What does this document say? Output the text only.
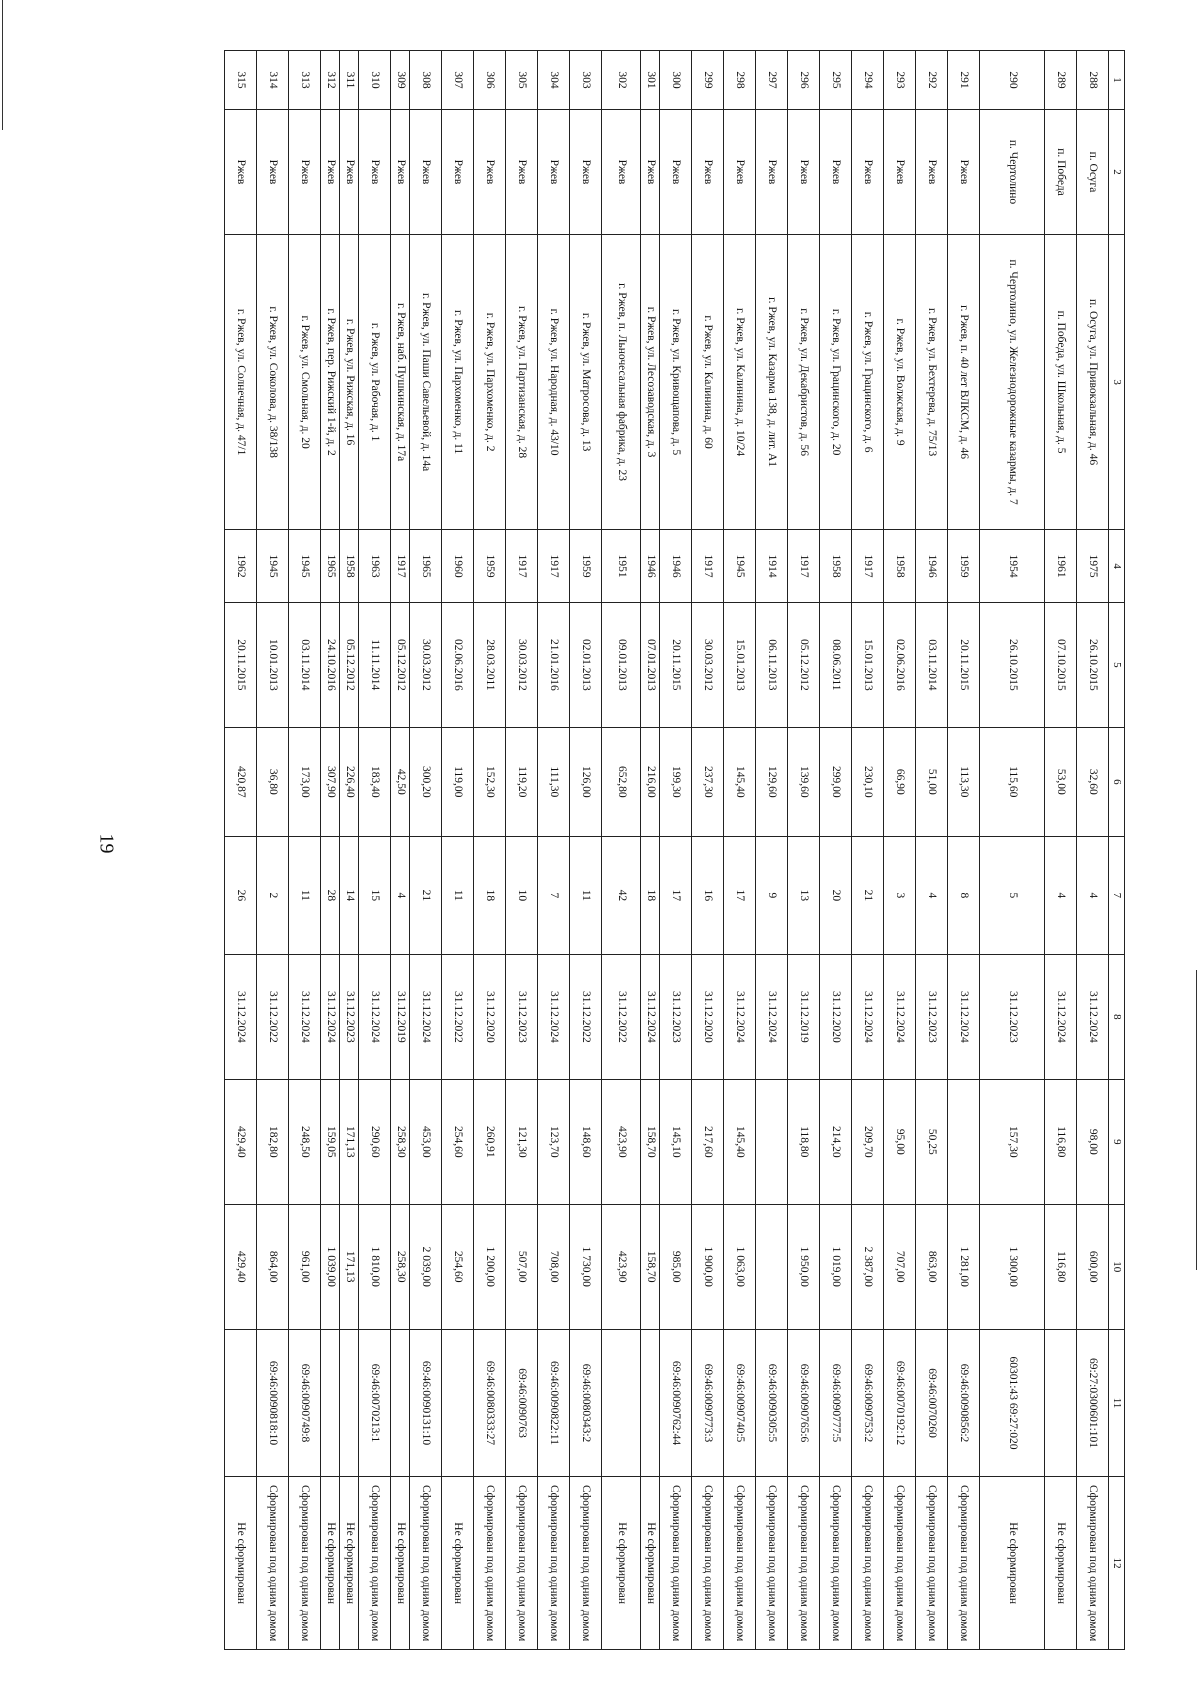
19
1	2	3	4	5	6	7	8	9	10	11	12
288	п. Осуга	п. Осуга, ул. Привокзальная, д. 46	1975	26.10.2015	32,60	4	31.12.2024	98,00	600,00	69:27:0300601:101	Сформирован под одним домом
289	п. Победа	п. Победа, ул. Школьная, д. 5	1961	07.10.2015	53,00	4	31.12.2024	116,80	116,80		Не сформирован
290	п. Чертолино	п. Чертолино, ул. Железнодорожные казармы, д. 7	1954	26.10.2015	115,60	5	31.12.2023	157,30	1 300,00	60301:43 69:27:020	Не сформирован
291	Ржев	г. Ржев, п. 40 лет ВЛКСМ, д. 46	1959	20.11.2015	113,30	8	31.12.2024		1 281,00	69:46:0090856:2	Сформирован под одним домом
292	Ржев	г. Ржев, ул. Бехтерева, д. 75/13	1946	03.11.2014	51,00	4	31.12.2023	50,25	863,00	69:46:0070260	Сформирован под одним домом
293	Ржев	г. Ржев, ул. Волжская, д. 9	1958	02.06.2016	66,90	3	31.12.2024	95,00	707,00	69:46:0070192:12	Сформирован под одним домом
294	Ржев	г. Ржев, ул. Грацинского, д. 6	1917	15.01.2013	230,10	21	31.12.2024	209,70	2 387,00	69:46:0090753:2	Сформирован под одним домом
295	Ржев	г. Ржев, ул. Грацинского, д. 20	1958	08.06.2011	299,00	20	31.12.2020	214,20	1 019,00	69:46:0090777:5	Сформирован под одним домом
296	Ржев	г. Ржев, ул. Декабристов, д. 56	1917	05.12.2012	139,60	13	31.12.2019	118,80	1 950,00	69:46:0090765:6	Сформирован под одним домом
297	Ржев	г. Ржев, ул. Казарма 138, д. лит. А1	1914	06.11.2013	129,60	9	31.12.2024			69:46:0090305:5	Сформирован под одним домом
298	Ржев	г. Ржев, ул. Калинина, д. 10/24	1945	15.01.2013	145,40	17	31.12.2024	145,40	1 063,00	69:46:0090740:5	Сформирован под одним домом
299	Ржев	г. Ржев, ул. Калинина, д. 60	1917	30.03.2012	237,30	16	31.12.2020	217,60	1 900,00	69:46:0090773:3	Сформирован под одним домом
300	Ржев	г. Ржев, ул. Кривощапова, д. 5	1946	20.11.2015	199,30	17	31.12.2023	145,10	985,00	69:46:0090762:44	Сформирован под одним домом
301	Ржев	г. Ржев, ул. Лесозаводская, д. 3	1946	07.01.2013	216,00	18	31.12.2024	158,70	158,70		Не сформирован
302	Ржев	г. Ржев, п. Льночесальная фабрика, д. 23	1951	09.01.2013	652,80	42	31.12.2022	423,90	423,90		Не сформирован
303	Ржев	г. Ржев, ул. Матросова, д. 13	1959	02.01.2013	126,00	11	31.12.2022	148,60	1 730,00	69:46:0080343:2	Сформирован под одним домом
304	Ржев	г. Ржев, ул. Народная, д. 43/10	1917	21.01.2016	111,30	7	31.12.2024	123,70	708,00	69:46:0090822:11	Сформирован под одним домом
305	Ржев	г. Ржев, ул. Партизанская, д. 28	1917	30.03.2012	119,20	10	31.12.2023	121,30	507,00	69:46:0090763	Сформирован под одним домом
306	Ржев	г. Ржев, ул. Пархоменко, д. 2	1959	28.03.2011	152,30	18	31.12.2020	260,91	1 200,00	69:46:0080333:27	Сформирован под одним домом
307	Ржев	г. Ржев, ул. Пархоменко, д. 11	1960	02.06.2016	119,00	11	31.12.2022	254,60	254,60		Не сформирован
308	Ржев	г. Ржев, ул. Паши Савельевой, д. 14а	1965	30.03.2012	300,20	21	31.12.2024	453,00	2 039,00	69:46:0090131:10	Сформирован под одним домом
309	Ржев	г. Ржев, наб. Пушкинская, д. 17а	1917	05.12.2012	42,50	4	31.12.2019	258,30	258,30		Не сформирован
310	Ржев	г. Ржев, ул. Рабочая, д. 1	1963	11.11.2014	183,40	15	31.12.2024	290,60	1 810,00	69:46:0070213:1	Сформирован под одним домом
311	Ржев	г. Ржев, ул. Рижская, д. 16	1958	05.12.2012	226,40	14	31.12.2023	171,13	171,13		Не сформирован
312	Ржев	г. Ржев, пер. Рижский 1-й, д. 2	1965	24.10.2016	307,90	28	31.12.2024	159,05	1 039,00		Не сформирован
313	Ржев	г. Ржев, ул. Смольная, д. 20	1945	03.11.2014	173,00	11	31.12.2024	248,50	961,00	69:46:0090749:8	Сформирован под одним домом
314	Ржев	г. Ржев, ул. Соколова, д. 38/138	1945	10.01.2013	36,80	2	31.12.2022	182,80	864,00	69:46:0090818:10	Сформирован под одним домом
315	Ржев	г. Ржев, ул. Солнечная, д. 47/1	1962	20.11.2015	420,87	26	31.12.2024	429,40	429,40		Не сформирован
